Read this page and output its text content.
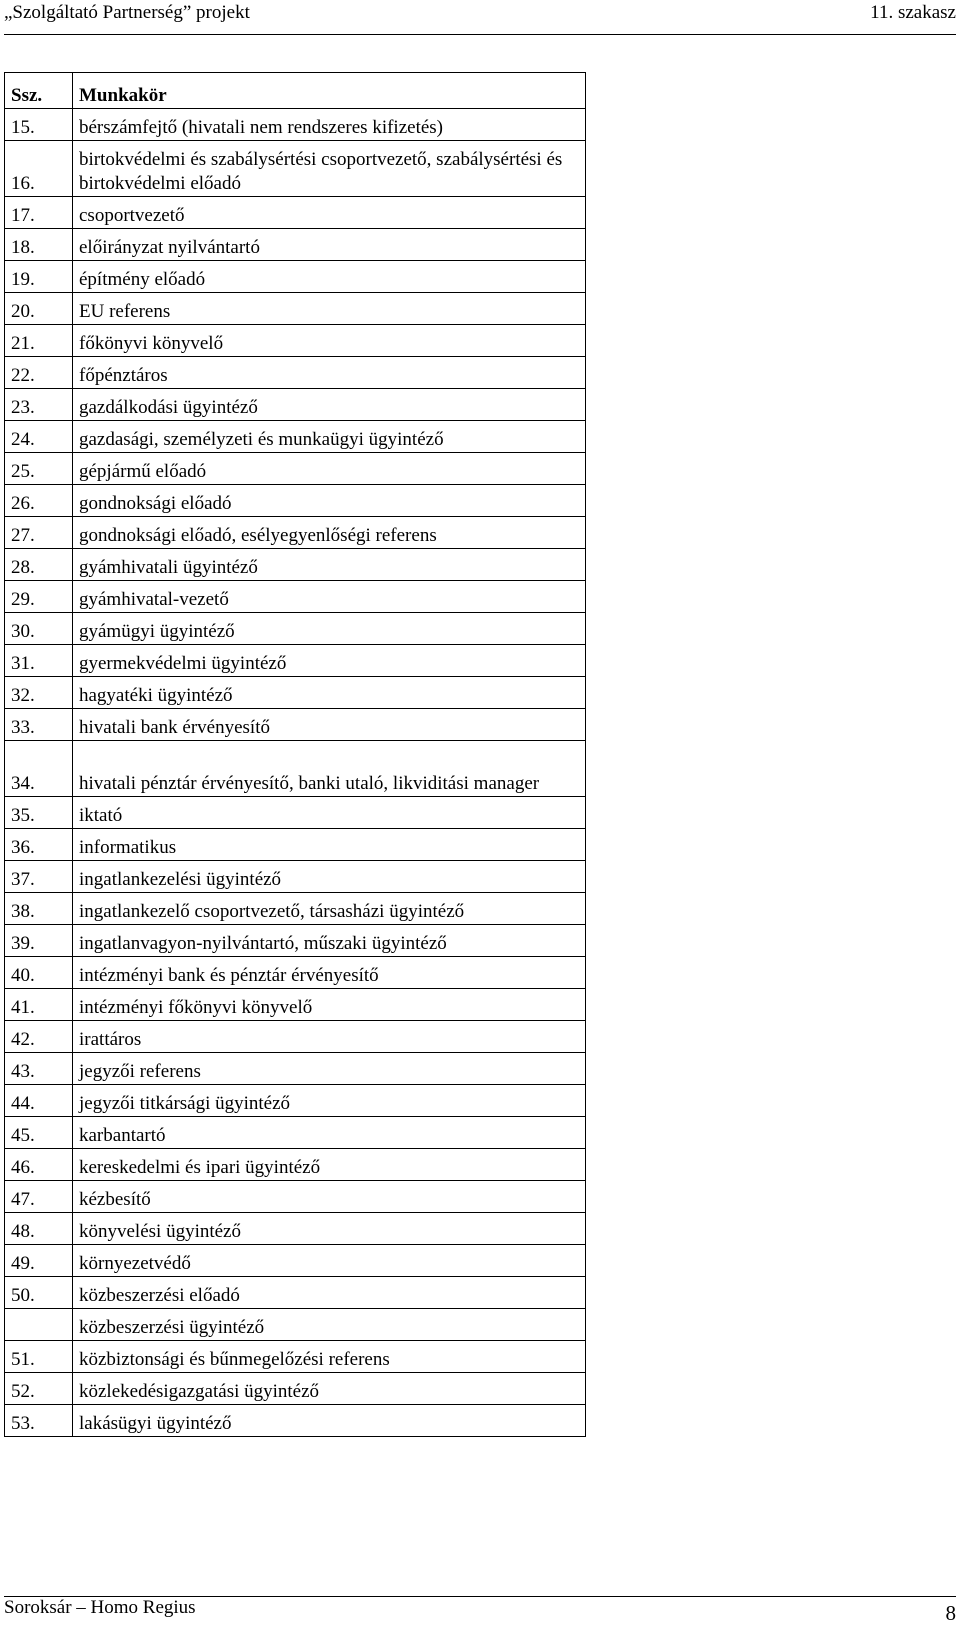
„Szolgáltató Partnerség” projekt	11. szakasz
Ssz.	Munkakör
15.	bérszámfejtő (hivatali nem rendszeres kifizetés)
16.	birtokvédelmi és szabálysértési csoportvezető, szabálysértési és birtokvédelmi előadó
17.	csoportvezető
18.	előirányzat nyilvántartó
19.	építmény előadó
20.	EU referens
21.	főkönyvi könyvelő
22.	főpénztáros
23.	gazdálkodási ügyintéző
24.	gazdasági, személyzeti és munkaügyi ügyintéző
25.	gépjármű előadó
26.	gondnoksági előadó
27.	gondnoksági előadó, esélyegyenlőségi referens
28.	gyámhivatali ügyintéző
29.	gyámhivatal-vezető
30.	gyámügyi ügyintéző
31.	gyermekvédelmi ügyintéző
32.	hagyatéki ügyintéző
33.	hivatali bank érvényesítő
34.	hivatali pénztár érvényesítő, banki utaló, likviditási manager
35.	iktató
36.	informatikus
37.	ingatlankezelési ügyintéző
38.	ingatlankezelő csoportvezető, társasházi ügyintéző
39.	ingatlanvagyon-nyilvántartó, műszaki ügyintéző
40.	intézményi bank és pénztár érvényesítő
41.	intézményi főkönyvi könyvelő
42.	irattáros
43.	jegyzői referens
44.	jegyzői titkársági ügyintéző
45.	karbantartó
46.	kereskedelmi és ipari ügyintéző
47.	kézbesítő
48.	könyvelési ügyintéző
49.	környezetvédő
50.	közbeszerzési előadó
	közbeszerzési ügyintéző
51.	közbiztonsági és bűnmegelőzési referens
52.	közlekedésigazgatási ügyintéző
53.	lakásügyi ügyintéző
Soroksár – Homo Regius	8
